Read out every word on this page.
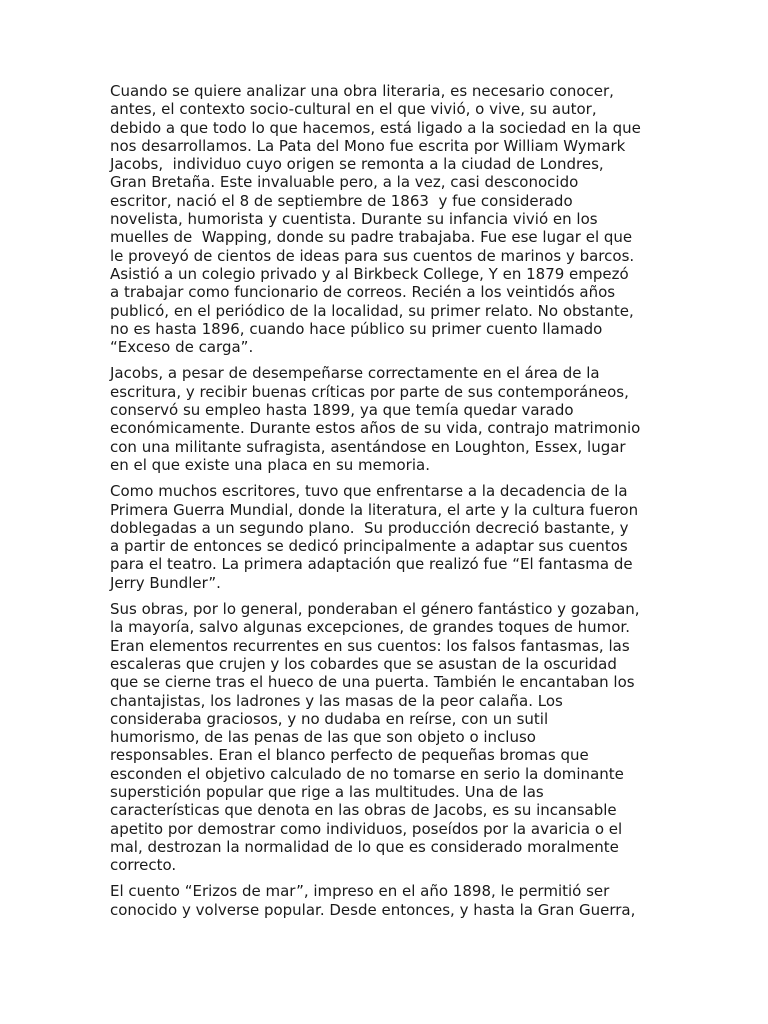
Cuando se quiere analizar una obra literaria, es necesario conocer,
antes, el contexto socio-cultural en el que vivió, o vive, su autor,
debido a que todo lo que hacemos, está ligado a la sociedad en la que
nos desarrollamos. La Pata del Mono fue escrita por William Wymark
Jacobs,  individuo cuyo origen se remonta a la ciudad de Londres,
Gran Bretaña. Este invaluable pero, a la vez, casi desconocido
escritor, nació el 8 de septiembre de 1863  y fue considerado
novelista, humorista y cuentista. Durante su infancia vivió en los
muelles de  Wapping, donde su padre trabajaba. Fue ese lugar el que
le proveyó de cientos de ideas para sus cuentos de marinos y barcos.
Asistió a un colegio privado y al Birkbeck College, Y en 1879 empezó
a trabajar como funcionario de correos. Recién a los veintidós años
publicó, en el periódico de la localidad, su primer relato. No obstante,
no es hasta 1896, cuando hace público su primer cuento llamado
“Exceso de carga”.

Jacobs, a pesar de desempeñarse correctamente en el área de la
escritura, y recibir buenas críticas por parte de sus contemporáneos,
conservó su empleo hasta 1899, ya que temía quedar varado
económicamente. Durante estos años de su vida, contrajo matrimonio
con una militante sufragista, asentándose en Loughton, Essex, lugar
en el que existe una placa en su memoria.

Como muchos escritores, tuvo que enfrentarse a la decadencia de la
Primera Guerra Mundial, donde la literatura, el arte y la cultura fueron
doblegadas a un segundo plano.  Su producción decreció bastante, y
a partir de entonces se dedicó principalmente a adaptar sus cuentos
para el teatro. La primera adaptación que realizó fue “El fantasma de
Jerry Bundler”.

Sus obras, por lo general, ponderaban el género fantástico y gozaban,
la mayoría, salvo algunas excepciones, de grandes toques de humor.
Eran elementos recurrentes en sus cuentos: los falsos fantasmas, las
escaleras que crujen y los cobardes que se asustan de la oscuridad
que se cierne tras el hueco de una puerta. También le encantaban los
chantajistas, los ladrones y las masas de la peor calaña. Los
consideraba graciosos, y no dudaba en reírse, con un sutil
humorismo, de las penas de las que son objeto o incluso
responsables. Eran el blanco perfecto de pequeñas bromas que
esconden el objetivo calculado de no tomarse en serio la dominante
superstición popular que rige a las multitudes. Una de las
características que denota en las obras de Jacobs, es su incansable
apetito por demostrar como individuos, poseídos por la avaricia o el
mal, destrozan la normalidad de lo que es considerado moralmente
correcto.

El cuento “Erizos de mar”, impreso en el año 1898, le permitió ser
conocido y volverse popular. Desde entonces, y hasta la Gran Guerra,
